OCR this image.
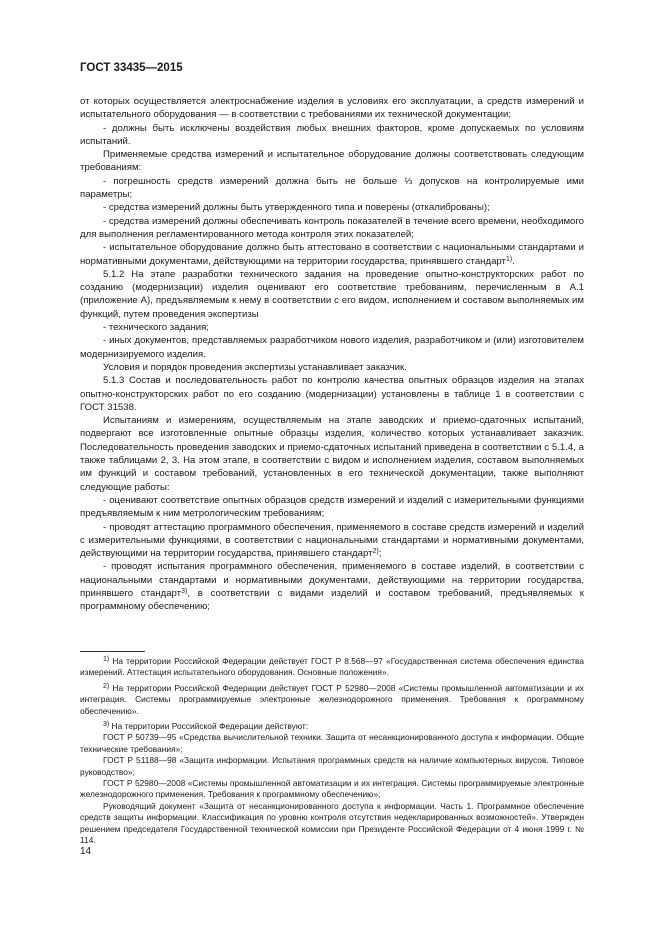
ГОСТ 33435—2015

от которых осуществляется электроснабжение изделия в условиях его эксплуатации, а средств измерений и испытательного оборудования — в соответствии с требованиями их технической документации;

- должны быть исключены воздействия любых внешних факторов, кроме допускаемых по условиям испытаний.

Применяемые средства измерений и испытательное оборудование должны соответствовать следующим требованиям:

- погрешность средств измерений должна быть не больше ⅓ допусков на контролируемые ими параметры;

- средства измерений должны быть утвержденного типа и поверены (откалиброваны);

- средства измерений должны обеспечивать контроль показателей в течение всего времени, необходимого для выполнения регламентированного метода контроля этих показателей;

- испытательное оборудование должно быть аттестовано в соответствии с национальными стандартами и нормативными документами, действующими на территории государства, принявшего стандарт$^{1)}$.

5.1.2 На этапе разработки технического задания на проведение опытно-конструкторских работ по созданию (модернизации) изделия оценивают его соответствие требованиям, перечисленным в А.1 (приложение А), предъявляемым к нему в соответствии с его видом, исполнением и составом выполняемых им функций, путем проведения экспертизы

- технического задания;

- иных документов, представляемых разработчиком нового изделия, разработчиком и (или) изготовителем модернизируемого изделия.

Условия и порядок проведения экспертизы устанавливает заказчик.

5.1.3 Состав и последовательность работ по контролю качества опытных образцов изделия на этапах опытно-конструкторских работ по его созданию (модернизации) установлены в таблице 1 в соответствии с ГОСТ 31538.

Испытаниям и измерениям, осуществляемым на этапе заводских и приемо-сдаточных испытаний, подвергают все изготовленные опытные образцы изделия, количество которых устанавливает заказчик. Последовательность проведения заводских и приемо-сдаточных испытаний приведена в соответствии с 5.1.4, а также таблицами 2, 3. На этом этапе, в соответствии с видом и исполнением изделия, составом выполняемых им функций и составом требований, установленных в его технической документации, также выполняют следующие работы:

- оценивают соответствие опытных образцов средств измерений и изделий с измерительными функциями предъявляемым к ним метрологическим требованиям;

- проводят аттестацию программного обеспечения, применяемого в составе средств измерений и изделий с измерительными функциями, в соответствии с национальными стандартами и нормативными документами, действующими на территории государства, принявшего стандарт$^{2)}$;

- проводят испытания программного обеспечения, применяемого в составе изделий, в соответствии с национальными стандартами и нормативными документами, действующими на территории государства, принявшего стандарт$^{3)}$, в соответствии с видами изделий и составом требований, предъявляемых к программному обеспечению;

$^{1)}$ На территории Российской Федерации действует ГОСТ Р 8.568—97 «Государственная система обеспечения единства измерений. Аттестация испытательного оборудования. Основные положения».

$^{2)}$ На территории Российской Федерации действует ГОСТ Р 52980—2008 «Системы промышленной автоматизации и их интеграция. Системы программируемые электронные железнодорожного применения. Требования к программному обеспечению».

$^{3)}$ На территории Российской Федерации действуют:

ГОСТ Р 50739—95 «Средства вычислительной техники. Защита от несанкционированного доступа к информации. Общие технические требования»;

ГОСТ Р 51188—98 «Защита информации. Испытания программных средств на наличие компьютерных вирусов. Типовое руководство»;

ГОСТ Р 52980—2008 «Системы промышленной автоматизации и их интеграция. Системы программируемые электронные железнодорожного применения. Требования к программному обеспечению»;

Руководящий документ «Защита от несанкционированного доступа к информации. Часть 1. Программное обеспечение средств защиты информации. Классификация по уровню контроля отсутствия недекларированных возможностей». Утвержден решением председателя Государственной технической комиссии при Президенте Российской Федерации от 4 июня 1999 г. № 114.

14
